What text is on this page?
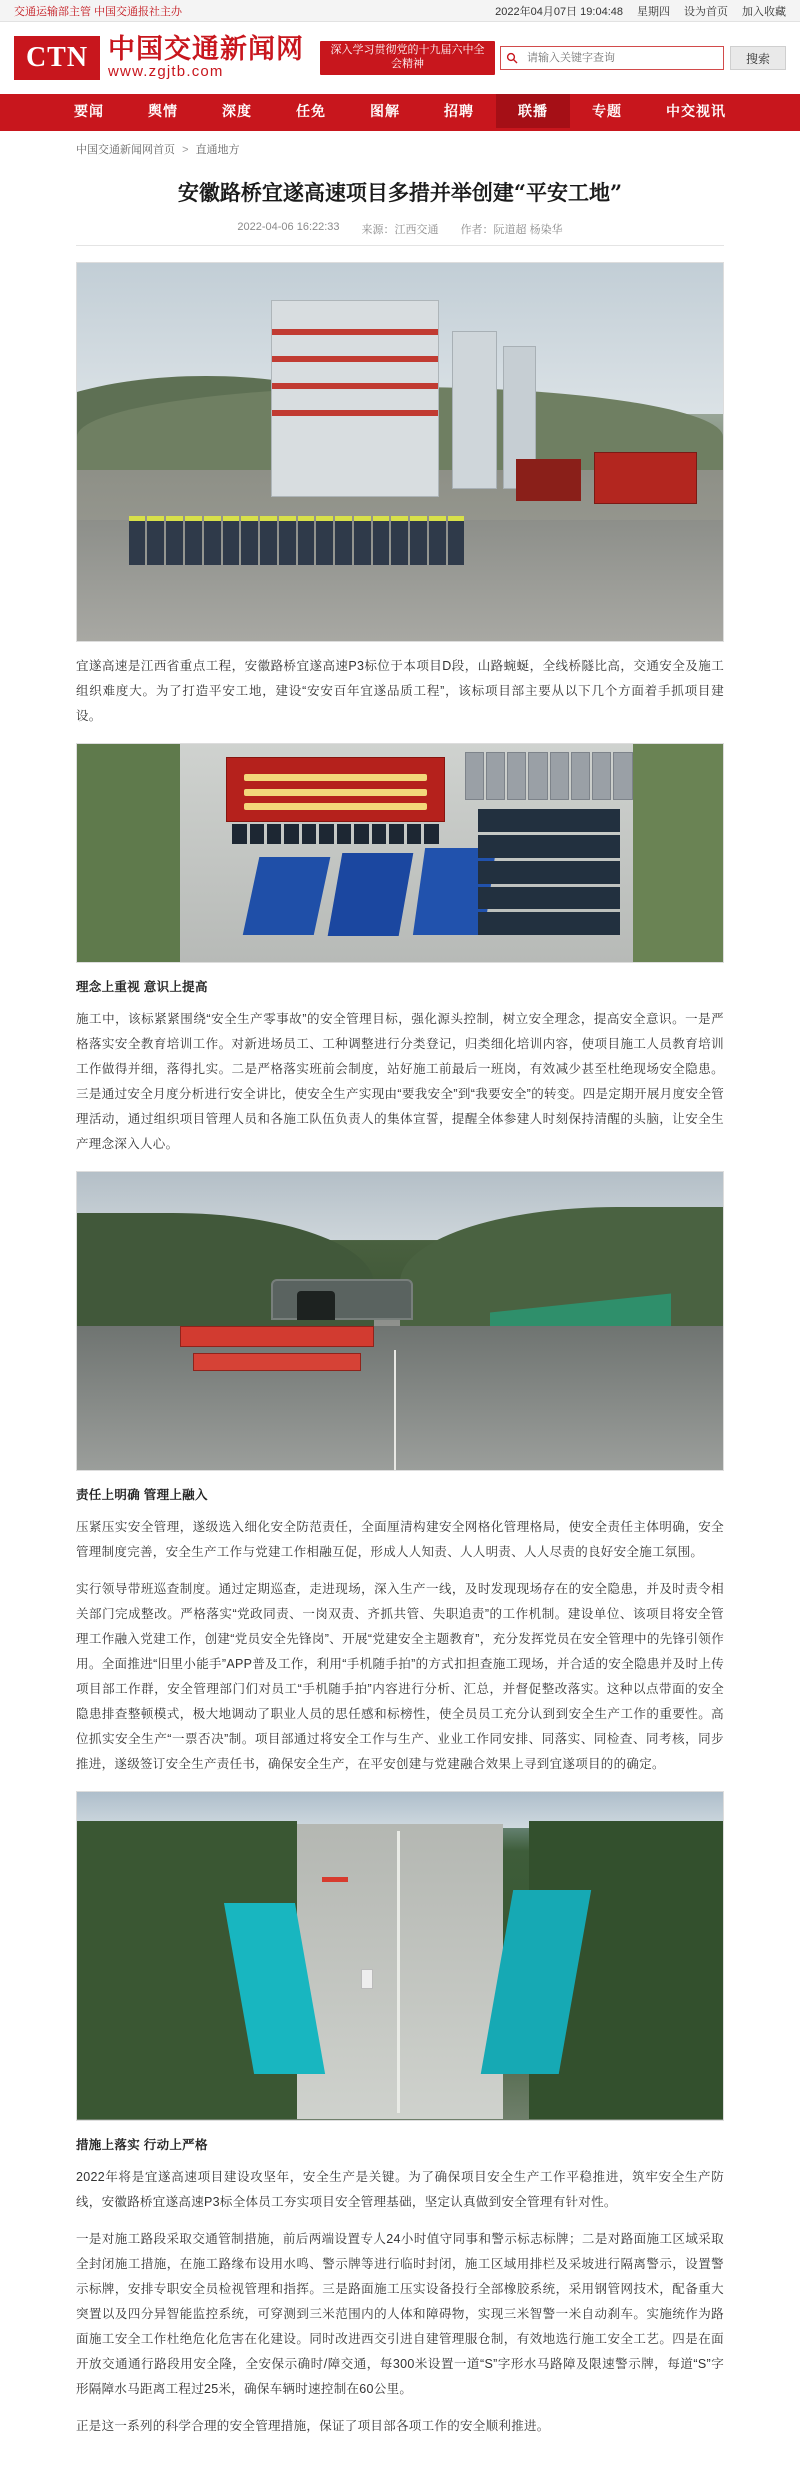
交通运输部主管 中国交通报社主办	2022年04月07日 19:04:48 星期四 设为首页 加入收藏
CTN 中国交通新闻网
www.zgjtb.com
深入学习贯彻党的十九届六中全会精神
请输入关键字查询	搜索
要闻	舆情	深度	任免	图解	招聘	联播	专题	中交视讯
中国交通新闻网首页 > 直通地方
安徽路桥宜遂高速项目多措并举创建“平安工地”
2022-04-06 16:22:33 来源：江西交通 作者：阮道超 杨染华

宜遂高速是江西省重点工程，安徽路桥宜遂高速P3标位于本项目D段，山路蜿蜒，全线桥隧比高，交通安全及施工组织难度大。为了打造平安工地，建设“安安百年宜遂品质工程”，该标项目部主要从以下几个方面着手抓项目建设。

理念上重视 意识上提高

施工中，该标紧紧围绕“安全生产零事故”的安全管理目标，强化源头控制，树立安全理念，提高安全意识。一是严格落实安全教育培训工作。对新进场员工、工种调整进行分类登记，归类细化培训内容，使项目施工人员教育培训工作做得并细，落得扎实。二是严格落实班前会制度，站好施工前最后一班岗，有效减少甚至杜绝现场安全隐患。三是通过安全月度分析进行安全讲比，使安全生产实现由“要我安全”到“我要安全”的转变。四是定期开展月度安全管理活动，通过组织项目管理人员和各施工队伍负责人的集体宣誓，提醒全体参建人时刻保持清醒的头脑，让安全生产理念深入人心。

责任上明确 管理上融入

压紧压实安全管理，遂级选入细化安全防范责任，全面厘清构建安全网格化管理格局，使安全责任主体明确，安全管理制度完善，安全生产工作与党建工作相融互促，形成人人知责、人人明责、人人尽责的良好安全施工氛围。

实行领导带班巡查制度。通过定期巡查，走进现场，深入生产一线，及时发现现场存在的安全隐患，并及时责令相关部门完成整改。严格落实“党政同责、一岗双责、齐抓共管、失职追责”的工作机制。建设单位、该项目将安全管理工作融入党建工作，创建“党员安全先锋岗”、开展“党建安全主题教育”，充分发挥党员在安全管理中的先锋引领作用。全面推进“旧里小能手”APP普及工作，利用“手机随手拍”的方式扣担查施工现场，并合适的安全隐患并及时上传项目部工作群，安全管理部门们对员工“手机随手拍”内容进行分析、汇总，并督促整改落实。这种以点带面的安全隐患排查整顿模式，极大地调动了职业人员的思任感和标榜性，使全员员工充分认到到安全生产工作的重要性。高位抓实安全生产“一票否决”制。项目部通过将安全工作与生产、业业工作同安排、同落实、同检查、同考核，同步推进，遂级签订安全生产责任书，确保安全生产，在平安创建与党建融合效果上寻到宜遂项目的的确定。

措施上落实 行动上严格

2022年将是宜遂高速项目建设攻坚年，安全生产是关键。为了确保项目安全生产工作平稳推进，筑牢安全生产防线，安徽路桥宜遂高速P3标全体员工夯实项目安全管理基础，坚定认真做到安全管理有针对性。

一是对施工路段采取交通管制措施，前后两端设置专人24小时值守同事和警示标志标牌；二是对路面施工区域采取全封闭施工措施，在施工路缘布设用水鸣、警示牌等进行临时封闭，施工区域用排栏及采坡进行隔离警示，设置警示标牌，安排专职安全员检视管理和指挥。三是路面施工压实设备投行全部橡胶系统，采用钢管网技术，配备重大突置以及四分异智能监控系统，可穿测到三米范围内的人体和障碍物，实现三米智警一米自动刹车。实施统作为路面施工安全工作杜绝危化危害在化建设。同时改进西交引进自建管理服仓制，有效地选行施工安全工艺。四是在面开放交通通行路段用安全隆，全安保示确时/障交通，每300米设置一道“S”字形水马路障及限速警示牌，每道“S”字形隔障水马距离工程过25米，确保车辆时速控制在60公里。

正是这一系列的科学合理的安全管理措施，保证了项目部各项工作的安全顺利推进。
